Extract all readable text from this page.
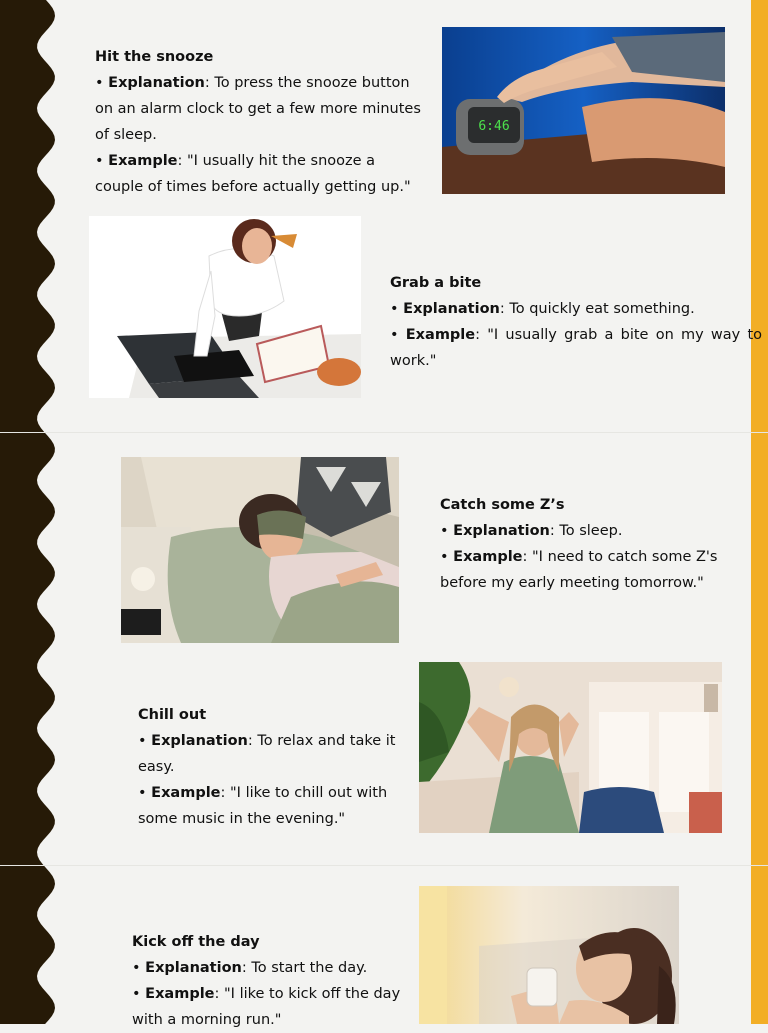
Hit the snooze

• Explanation: To press the snooze button on an alarm clock to get a few more minutes of sleep.

• Example: "I usually hit the snooze a couple of times before actually getting up."

6:46

Grab a bite

• Explanation: To quickly eat something.

• Example: "I usually grab a bite on my way to work."

Catch some Z’s

• Explanation: To sleep.

• Example: "I need to catch some Z's before my early meeting tomorrow."

Chill out

• Explanation: To relax and take it easy.

• Example: "I like to chill out with some music in the evening."

Kick off the day

• Explanation: To start the day.

• Example: "I like to kick off the day with a morning run."
